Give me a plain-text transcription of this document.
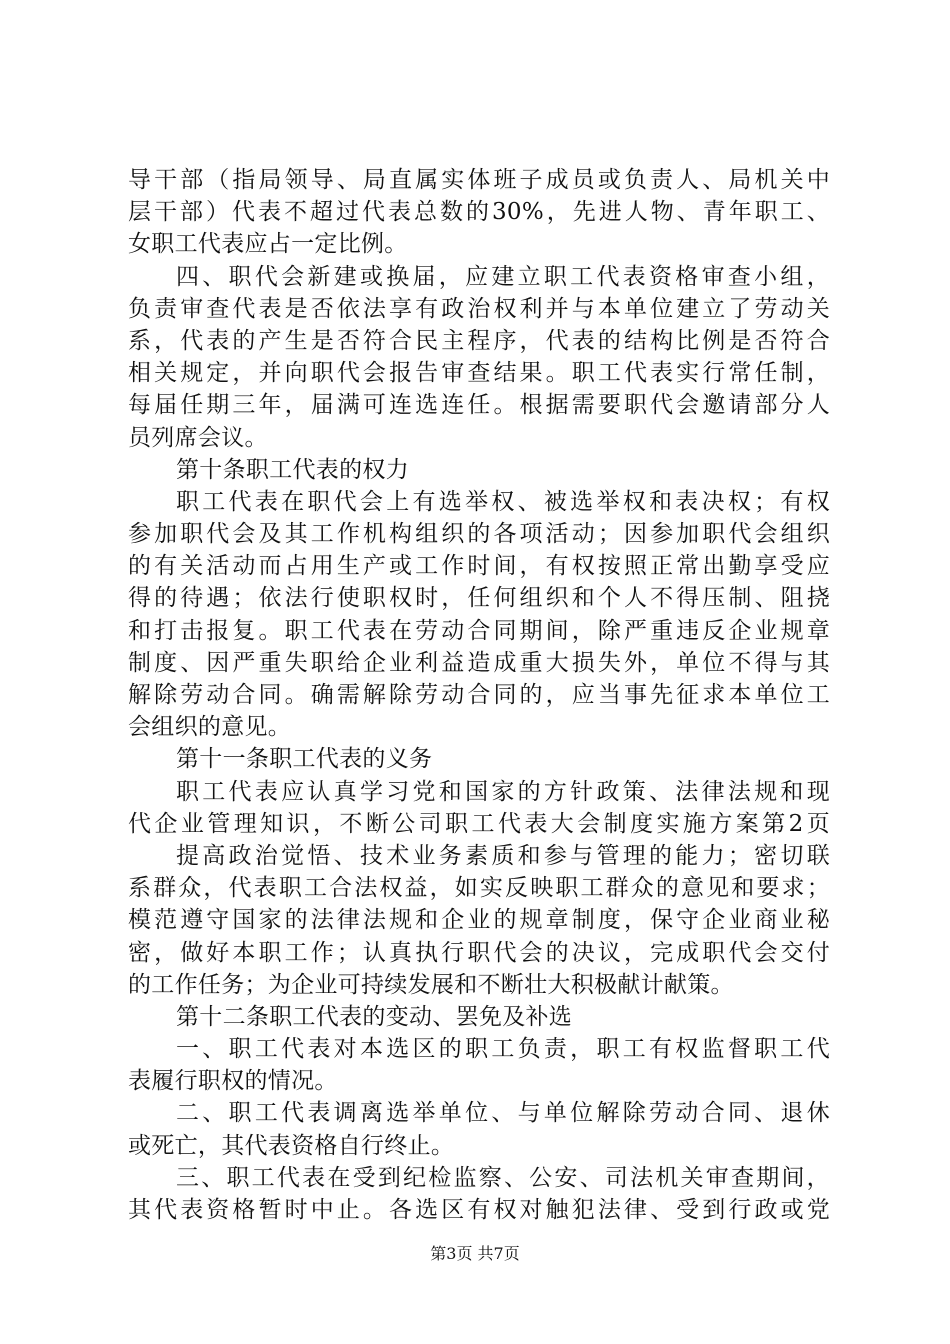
导干部（指局领导、局直属实体班子成员或负责人、局机关中
层干部）代表不超过代表总数的30%，先进人物、青年职工、
女职工代表应占一定比例。
四、职代会新建或换届，应建立职工代表资格审查小组，
负责审查代表是否依法享有政治权利并与本单位建立了劳动关
系，代表的产生是否符合民主程序，代表的结构比例是否符合
相关规定，并向职代会报告审查结果。职工代表实行常任制，
每届任期三年，届满可连选连任。根据需要职代会邀请部分人
员列席会议。
第十条职工代表的权力
职工代表在职代会上有选举权、被选举权和表决权；有权
参加职代会及其工作机构组织的各项活动；因参加职代会组织
的有关活动而占用生产或工作时间，有权按照正常出勤享受应
得的待遇；依法行使职权时，任何组织和个人不得压制、阻挠
和打击报复。职工代表在劳动合同期间，除严重违反企业规章
制度、因严重失职给企业利益造成重大损失外，单位不得与其
解除劳动合同。确需解除劳动合同的，应当事先征求本单位工
会组织的意见。
第十一条职工代表的义务
职工代表应认真学习党和国家的方针政策、法律法规和现
代企业管理知识，不断公司职工代表大会制度实施方案第2页
提高政治觉悟、技术业务素质和参与管理的能力；密切联
系群众，代表职工合法权益，如实反映职工群众的意见和要求；
模范遵守国家的法律法规和企业的规章制度，保守企业商业秘
密，做好本职工作；认真执行职代会的决议，完成职代会交付
的工作任务；为企业可持续发展和不断壮大积极献计献策。
第十二条职工代表的变动、罢免及补选
一、职工代表对本选区的职工负责，职工有权监督职工代
表履行职权的情况。
二、职工代表调离选举单位、与单位解除劳动合同、退休
或死亡，其代表资格自行终止。
三、职工代表在受到纪检监察、公安、司法机关审查期间，
其代表资格暂时中止。各选区有权对触犯法律、受到行政或党
第3页 共7页
